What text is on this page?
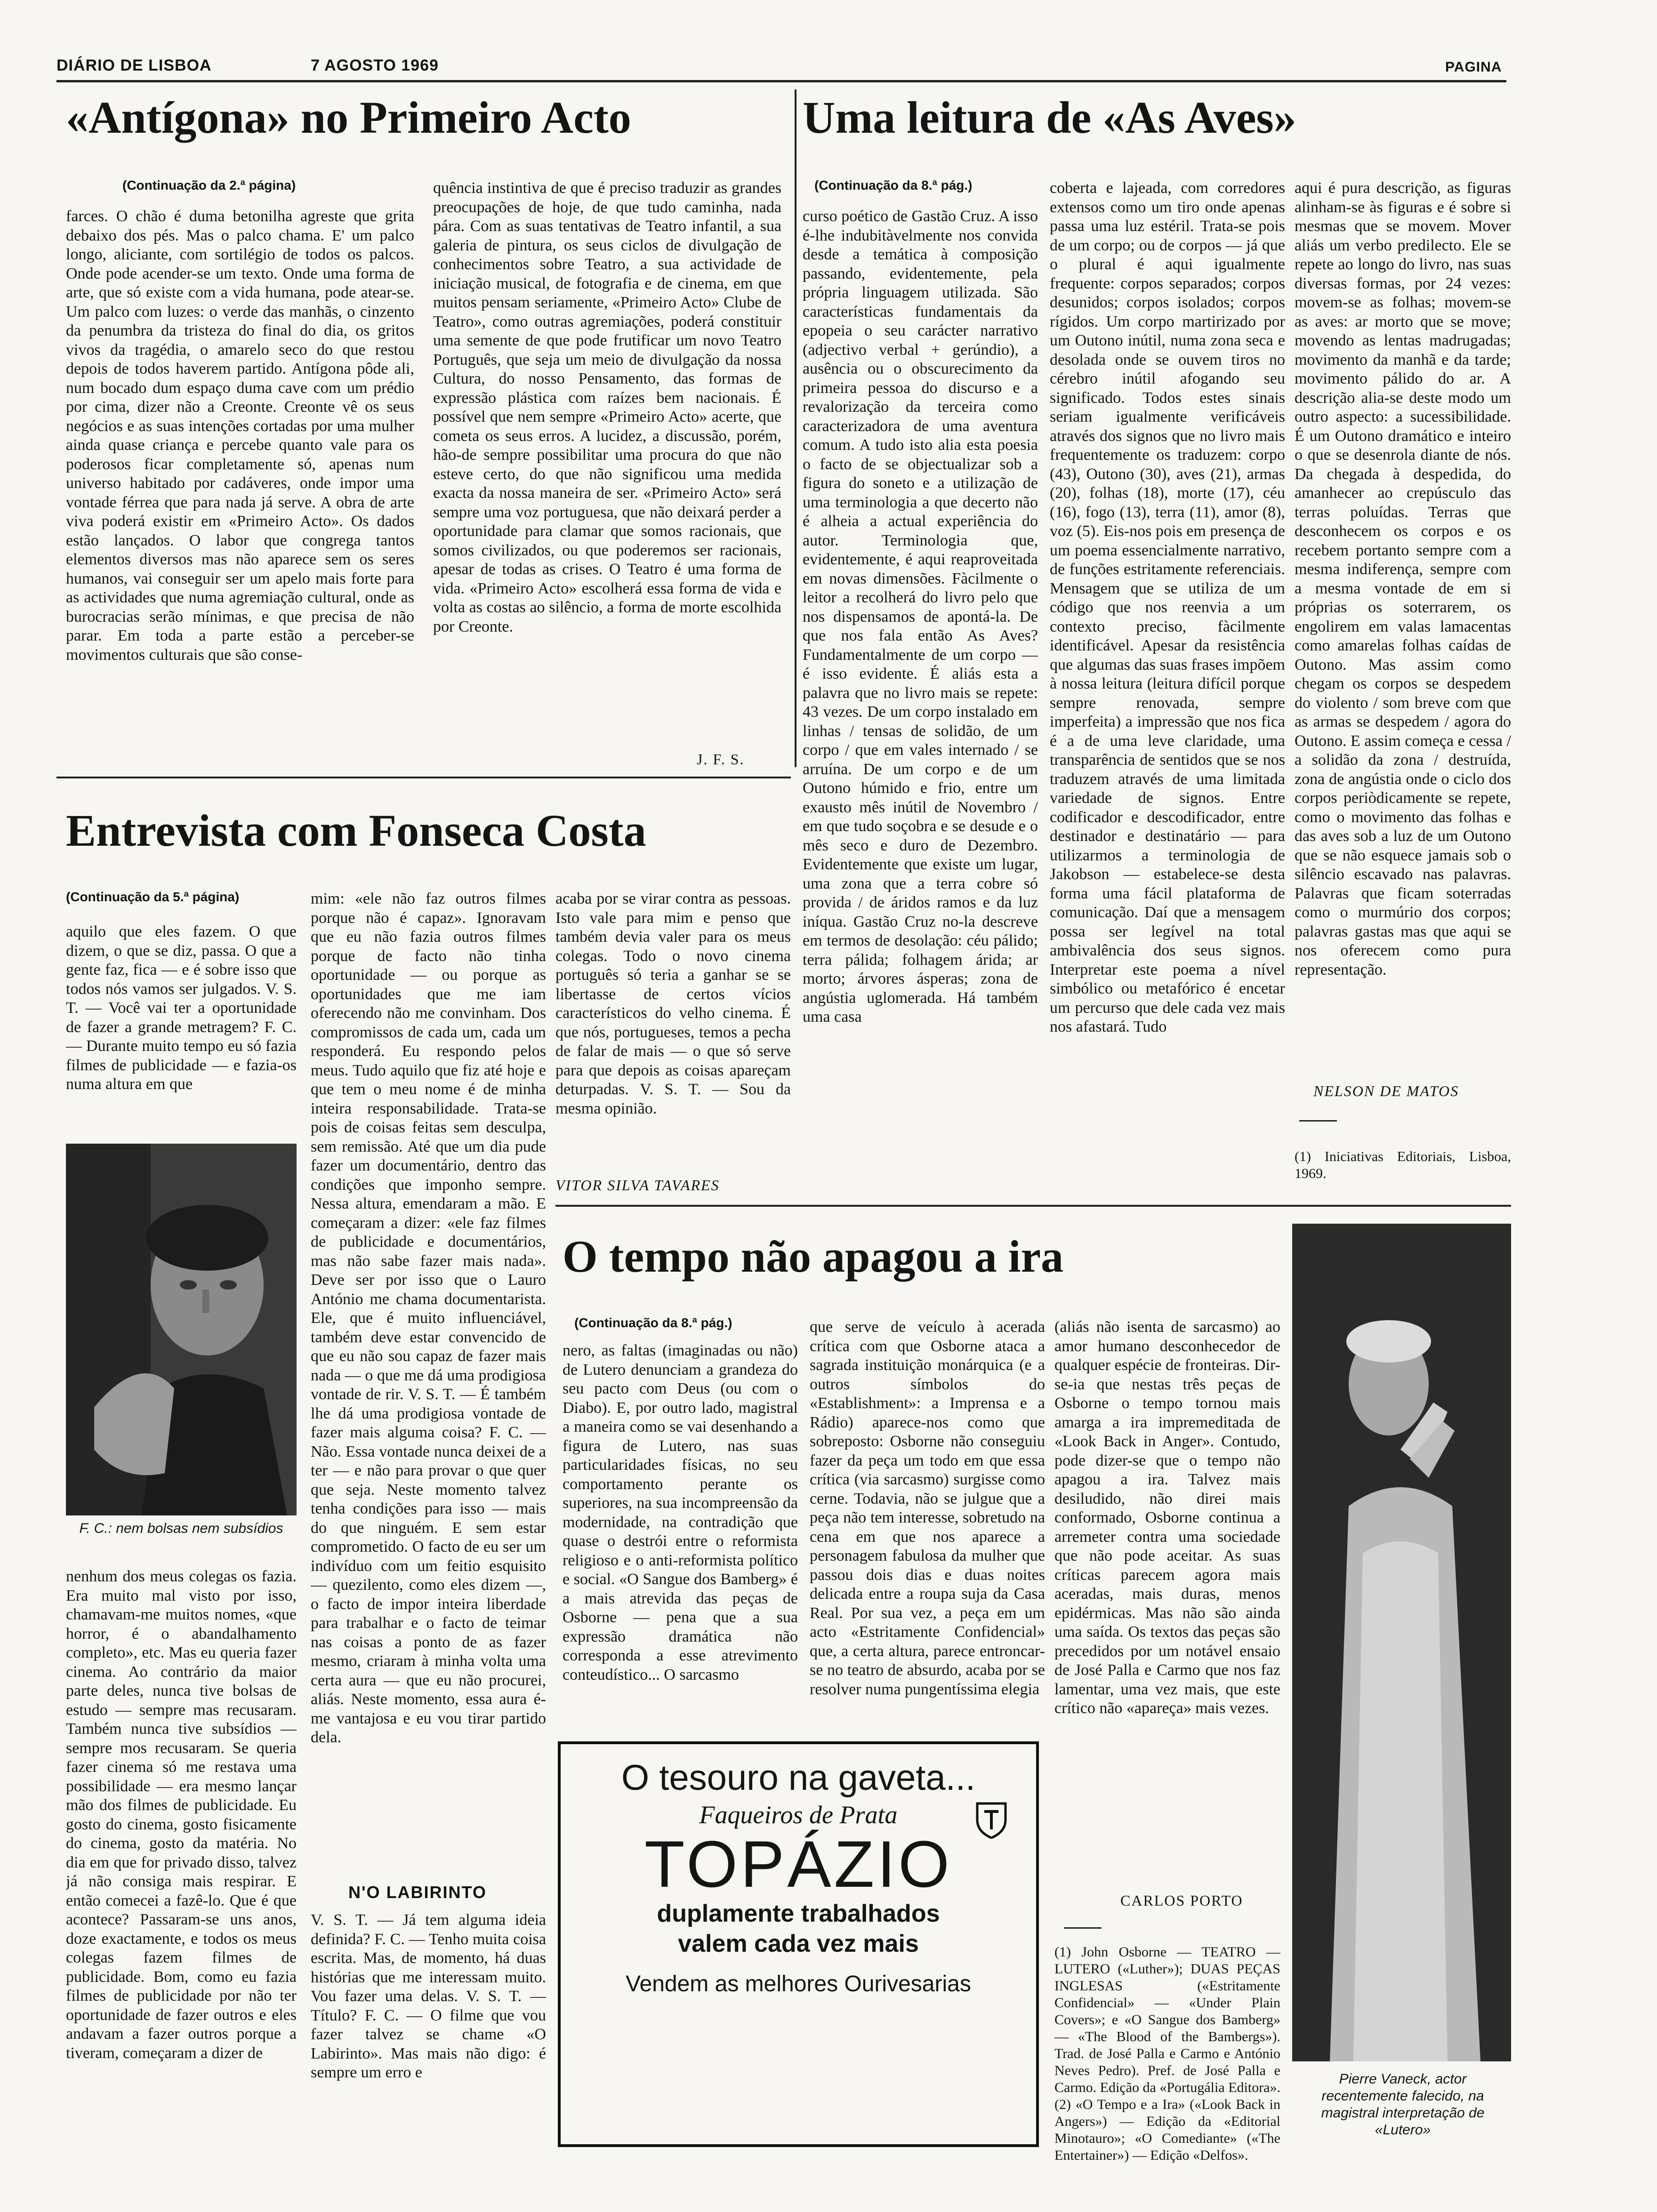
DIÁRIO DE LISBOA	7 AGOSTO 1969	PAGINA
«Antígona» no Primeiro Acto
(Continuação da 2.ª página)
farces. O chão é duma betonilha agreste que grita debaixo dos pés. Mas o palco chama. E' um palco longo, aliciante, com sortilégio de todos os palcos. Onde pode acender-se um texto. Onde uma forma de arte, que só existe com a vida humana, pode atear-se. Um palco com luzes: o verde das manhãs, o cinzento da penumbra da tristeza do final do dia, os gritos vivos da tragédia, o amarelo seco do que restou depois de todos haverem partido. Antígona pôde ali, num bocado dum espaço duma cave com um prédio por cima, dizer não a Creonte. Creonte vê os seus negócios e as suas intenções cortadas por uma mulher ainda quase criança e percebe quanto vale para os poderosos ficar completamente só, apenas num universo habitado por cadáveres, onde impor uma vontade férrea que para nada já serve. A obra de arte viva poderá existir em «Primeiro Acto». Os dados estão lançados. O labor que congrega tantos elementos diversos mas não aparece sem os seres humanos, vai conseguir ser um apelo mais forte para as actividades que numa agremiação cultural, onde as burocracias serão mínimas, e que precisa de não parar. Em toda a parte estão a perceber-se movimentos culturais que são conse-
quência instintiva de que é preciso traduzir as grandes preocupações de hoje, de que tudo caminha, nada pára. Com as suas tentativas de Teatro infantil, a sua galeria de pintura, os seus ciclos de divulgação de conhecimentos sobre Teatro, a sua actividade de iniciação musical, de fotografia e de cinema, em que muitos pensam seriamente, «Primeiro Acto» Clube de Teatro», como outras agremiações, poderá constituir uma semente de que pode frutificar um novo Teatro Português, que seja um meio de divulgação da nossa Cultura, do nosso Pensamento, das formas de expressão plástica com raízes bem nacionais. É possível que nem sempre «Primeiro Acto» acerte, que cometa os seus erros. A lucidez, a discussão, porém, hão-de sempre possibilitar uma procura do que não esteve certo, do que não significou uma medida exacta da nossa maneira de ser. «Primeiro Acto» será sempre uma voz portuguesa, que não deixará perder a oportunidade para clamar que somos racionais, que somos civilizados, ou que poderemos ser racionais, apesar de todas as crises. O Teatro é uma forma de vida. «Primeiro Acto» escolherá essa forma de vida e volta as costas ao silêncio, a forma de morte escolhida por Creonte.
J. F. S.
Uma leitura de «As Aves»
(Continuação da 8.ª pág.)
curso poético de Gastão Cruz. A isso é-lhe indubitàvelmente nos convida desde a temática à composição passando, evidentemente, pela própria linguagem utilizada. São características fundamentais da epopeia o seu carácter narrativo (adjectivo verbal + gerúndio), a ausência ou o obscurecimento da primeira pessoa do discurso e a revalorização da terceira como caracterizadora de uma aventura comum. A tudo isto alia esta poesia o facto de se objectualizar sob a figura do soneto e a utilização de uma terminologia a que decerto não é alheia a actual experiência do autor. Terminologia que, evidentemente, é aqui reaproveitada em novas dimensões. Fàcilmente o leitor a recolherá do livro pelo que nos dispensamos de apontá-la. De que nos fala então As Aves? Fundamentalmente de um corpo — é isso evidente. É aliás esta a palavra que no livro mais se repete: 43 vezes. De um corpo instalado em linhas / tensas de solidão, de um corpo / que em vales internado / se arruína. De um corpo e de um Outono húmido e frio, entre um exausto mês inútil de Novembro / em que tudo soçobra e se desude e o mês seco e duro de Dezembro. Evidentemente que existe um lugar, uma zona que a terra cobre só provida / de áridos ramos e da luz iníqua. Gastão Cruz no-la descreve em termos de desolação: céu pálido; terra pálida; folhagem árida; ar morto; árvores ásperas; zona de angústia uglomerada. Há também uma casa
coberta e lajeada, com corredores extensos como um tiro onde apenas passa uma luz estéril. Trata-se pois de um corpo; ou de corpos — já que o plural é aqui igualmente frequente: corpos separados; corpos desunidos; corpos isolados; corpos rígidos. Um corpo martirizado por um Outono inútil, numa zona seca e desolada onde se ouvem tiros no cérebro inútil afogando seu significado. Todos estes sinais seriam igualmente verificáveis através dos signos que no livro mais frequentemente os traduzem: corpo (43), Outono (30), aves (21), armas (20), folhas (18), morte (17), céu (16), fogo (13), terra (11), amor (8), voz (5). Eis-nos pois em presença de um poema essencialmente narrativo, de funções estritamente referenciais. Mensagem que se utiliza de um código que nos reenvia a um contexto preciso, fàcilmente identificável. Apesar da resistência que algumas das suas frases impõem à nossa leitura (leitura difícil porque sempre renovada, sempre imperfeita) a impressão que nos fica é a de uma leve claridade, uma transparência de sentidos que se nos traduzem através de uma limitada variedade de signos. Entre codificador e descodificador, entre destinador e destinatário — para utilizarmos a terminologia de Jakobson — estabelece-se desta forma uma fácil plataforma de comunicação. Daí que a mensagem possa ser legível na total ambivalência dos seus signos. Interpretar este poema a nível simbólico ou metafórico é encetar um percurso que dele cada vez mais nos afastará. Tudo
aqui é pura descrição, as figuras alinham-se às figuras e é sobre si mesmas que se movem. Mover aliás um verbo predilecto. Ele se repete ao longo do livro, nas suas diversas formas, por 24 vezes: movem-se as folhas; movem-se as aves: ar morto que se move; movendo as lentas madrugadas; movimento da manhã e da tarde; movimento pálido do ar. A descrição alia-se deste modo um outro aspecto: a sucessibilidade. É um Outono dramático e inteiro o que se desenrola diante de nós. Da chegada à despedida, do amanhecer ao crepúsculo das terras poluídas. Terras que desconhecem os corpos e os recebem portanto sempre com a mesma indiferença, sempre com a mesma vontade de em si próprias os soterrarem, os engolirem em valas lamacentas como amarelas folhas caídas de Outono. Mas assim como chegam os corpos se despedem do violento / som breve com que as armas se despedem / agora do Outono. E assim começa e cessa / a solidão da zona / destruída, zona de angústia onde o ciclo dos corpos periòdicamente se repete, como o movimento das folhas e das aves sob a luz de um Outono que se não esquece jamais sob o silêncio escavado nas palavras. Palavras que ficam soterradas como o murmúrio dos corpos; palavras gastas mas que aqui se nos oferecem como pura representação.
NELSON DE MATOS
(1) Iniciativas Editoriais, Lisboa, 1969.
Entrevista com Fonseca Costa
(Continuação da 5.ª página)
aquilo que eles fazem. O que dizem, o que se diz, passa. O que a gente faz, fica — e é sobre isso que todos nós vamos ser julgados. V. S. T. — Você vai ter a oportunidade de fazer a grande metragem? F. C. — Durante muito tempo eu só fazia filmes de publicidade — e fazia-os numa altura em que
F. C.: nem bolsas nem subsídios
nenhum dos meus colegas os fazia. Era muito mal visto por isso, chamavam-me muitos nomes, «que horror, é o abandalhamento completo», etc. Mas eu queria fazer cinema. Ao contrário da maior parte deles, nunca tive bolsas de estudo — sempre mas recusaram. Também nunca tive subsídios — sempre mos recusaram. Se queria fazer cinema só me restava uma possibilidade — era mesmo lançar mão dos filmes de publicidade. Eu gosto do cinema, gosto fisicamente do cinema, gosto da matéria. No dia em que for privado disso, talvez já não consiga mais respirar. E então comecei a fazê-lo. Que é que acontece? Passaram-se uns anos, doze exactamente, e todos os meus colegas fazem filmes de publicidade. Bom, como eu fazia filmes de publicidade por não ter oportunidade de fazer outros e eles andavam a fazer outros porque a tiveram, começaram a dizer de
mim: «ele não faz outros filmes porque não é capaz». Ignoravam que eu não fazia outros filmes porque de facto não tinha oportunidade — ou porque as oportunidades que me iam oferecendo não me convinham. Dos compromissos de cada um, cada um responderá. Eu respondo pelos meus. Tudo aquilo que fiz até hoje e que tem o meu nome é de minha inteira responsabilidade. Trata-se pois de coisas feitas sem desculpa, sem remissão. Até que um dia pude fazer um documentário, dentro das condições que imponho sempre. Nessa altura, emendaram a mão. E começaram a dizer: «ele faz filmes de publicidade e documentários, mas não sabe fazer mais nada». Deve ser por isso que o Lauro António me chama documentarista. Ele, que é muito influenciável, também deve estar convencido de que eu não sou capaz de fazer mais nada — o que me dá uma prodigiosa vontade de rir. V. S. T. — É também lhe dá uma prodigiosa vontade de fazer mais alguma coisa? F. C. — Não. Essa vontade nunca deixei de a ter — e não para provar o que quer que seja. Neste momento talvez tenha condições para isso — mais do que ninguém. E sem estar comprometido. O facto de eu ser um indivíduo com um feitio esquisito — quezilento, como eles dizem —, o facto de impor inteira liberdade para trabalhar e o facto de teimar nas coisas a ponto de as fazer mesmo, criaram à minha volta uma certa aura — que eu não procurei, aliás. Neste momento, essa aura é-me vantajosa e eu vou tirar partido dela.
N'O LABIRINTO
V. S. T. — Já tem alguma ideia definida? F. C. — Tenho muita coisa escrita. Mas, de momento, há duas histórias que me interessam muito. Vou fazer uma delas. V. S. T. — Título? F. C. — O filme que vou fazer talvez se chame «O Labirinto». Mas mais não digo: é sempre um erro e
acaba por se virar contra as pessoas. Isto vale para mim e penso que também devia valer para os meus colegas. Todo o novo cinema português só teria a ganhar se se libertasse de certos vícios característicos do velho cinema. É que nós, portugueses, temos a pecha de falar de mais — o que só serve para que depois as coisas apareçam deturpadas. V. S. T. — Sou da mesma opinião.
VITOR SILVA TAVARES
O tempo não apagou a ira
(Continuação da 8.ª pág.)
nero, as faltas (imaginadas ou não) de Lutero denunciam a grandeza do seu pacto com Deus (ou com o Diabo). E, por outro lado, magistral a maneira como se vai desenhando a figura de Lutero, nas suas particularidades físicas, no seu comportamento perante os superiores, na sua incompreensão da modernidade, na contradição que quase o destrói entre o reformista religioso e o anti-reformista político e social. «O Sangue dos Bamberg» é a mais atrevida das peças de Osborne — pena que a sua expressão dramática não corresponda a esse atrevimento conteudístico... O sarcasmo
que serve de veículo à acerada crítica com que Osborne ataca a sagrada instituição monárquica (e a outros símbolos do «Establishment»: a Imprensa e a Rádio) aparece-nos como que sobreposto: Osborne não conseguiu fazer da peça um todo em que essa crítica (via sarcasmo) surgisse como cerne. Todavia, não se julgue que a peça não tem interesse, sobretudo na cena em que nos aparece a personagem fabulosa da mulher que passou dois dias e duas noites delicada entre a roupa suja da Casa Real. Por sua vez, a peça em um acto «Estritamente Confidencial» que, a certa altura, parece entroncar-se no teatro de absurdo, acaba por se resolver numa pungentíssima elegia
(aliás não isenta de sarcasmo) ao amor humano desconhecedor de qualquer espécie de fronteiras. Dir-se-ia que nestas três peças de Osborne o tempo tornou mais amarga a ira impremeditada de «Look Back in Anger». Contudo, pode dizer-se que o tempo não apagou a ira. Talvez mais desiludido, não direi mais conformado, Osborne continua a arremeter contra uma sociedade que não pode aceitar. As suas críticas parecem agora mais aceradas, mais duras, menos epidérmicas. Mas não são ainda uma saída. Os textos das peças são precedidos por um notável ensaio de José Palla e Carmo que nos faz lamentar, uma vez mais, que este crítico não «apareça» mais vezes.
CARLOS PORTO
(1) John Osborne — TEATRO — LUTERO («Luther»); DUAS PEÇAS INGLESAS («Estritamente Confidencial» — «Under Plain Covers»; e «O Sangue dos Bamberg» — «The Blood of the Bambergs»). Trad. de José Palla e Carmo e António Neves Pedro). Pref. de José Palla e Carmo. Edição da «Portugália Editora». (2) «O Tempo e a Ira» («Look Back in Angers») — Edição da «Editorial Minotauro»; «O Comediante» («The Entertainer») — Edição «Delfos».
Pierre Vaneck, actor recentemente falecido, na magistral interpretação de «Lutero»
O tesouro na gaveta...
Faqueiros de Prata
TOPÁZIO
duplamente trabalhados
valem cada vez mais
Vendem as melhores Ourivesarias
